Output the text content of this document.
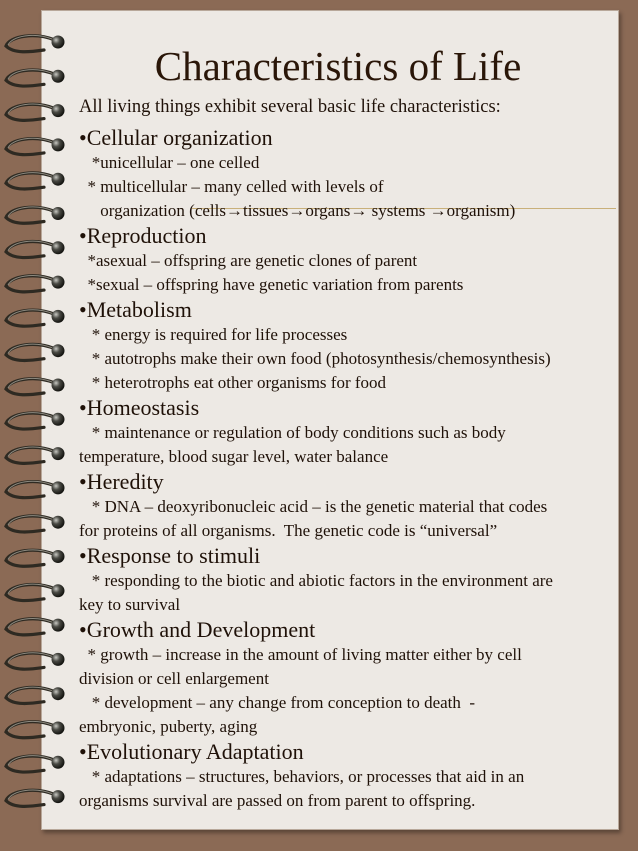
Characteristics of Life
All living things exhibit several basic life characteristics:
•Cellular organization
*unicellular – one celled
* multicellular – many celled with levels of
organization (cells→tissues→organs→ systems →organism)
•Reproduction
*asexual – offspring are genetic clones of parent
*sexual – offspring have genetic variation from parents
•Metabolism
* energy is required for life processes
* autotrophs make their own food (photosynthesis/chemosynthesis)
* heterotrophs eat other organisms for food
•Homeostasis
* maintenance or regulation of body conditions such as body
temperature, blood sugar level, water balance
•Heredity
* DNA – deoxyribonucleic acid – is the genetic material that codes
for proteins of all organisms.  The genetic code is “universal”
•Response to stimuli
* responding to the biotic and abiotic factors in the environment are
key to survival
•Growth and Development
* growth – increase in the amount of living matter either by cell
division or cell enlargement
* development – any change from conception to death  -
embryonic, puberty, aging
•Evolutionary Adaptation
* adaptations – structures, behaviors, or processes that aid in an
organisms survival are passed on from parent to offspring.
